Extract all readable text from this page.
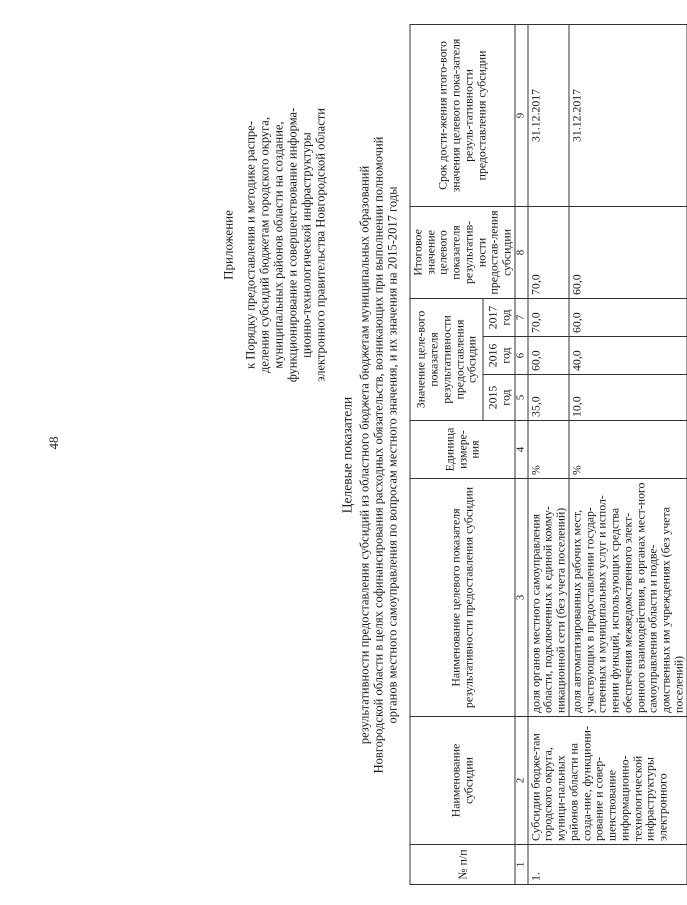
48
Приложение к Порядку предоставления и методике распре- деления субсидий бюджетам городского округа, муниципальных районов области на создание, функционирование и совершенствование информа- ционно-технологической инфраструктуры электронного правительства Новгородской области
Целевые показатели результативности предоставления субсидий из областного бюджета бюджетам муниципальных образований Новгородской области в целях софинансирования расходных обязательств, возникающих при выполнении полномочий органов местного самоуправления по вопросам местного значения, и их значения на 2015-2017 годы
№ п/п	Наименование субсидии	Наименование целевого показателя результативности предоставления субсидии	Единица измере-ния	Значение целе-вого показателя результативности предоставления субсидии			Итоговое значение целевого показателя результатив-ности предостав-ления субсидии	Срок дости-жения итого-вого значения целевого пока-зателя резуль-тативности предоставления субсидии
				2015 год	2016 год	2017 год		
1	2	3	4	5	6	7	8	9
1.	Субсидии бюдже-там городского округа, муници-пальных районов области на созда-ние, функциони-рование и совер-шенствование информационно-технологической инфраструктуры электронного	доля органов местного самоуправления области, подключенных к единой комму-никационной сети (без учета поселений)	%	35,0	60,0	70,0	70,0	31.12.2017
		доля автоматизированных рабочих мест, участвующих в предоставлении государ-ственных и муниципальных услуг и испол-нении функций, использующих средства обеспечения межведомственного элект-ронного взаимодействия, в органах мест-ного самоуправления области и подве-домственных им учреждениях (без учета поселений)	%	10,0	40,0	60,0	60,0	31.12.2017
